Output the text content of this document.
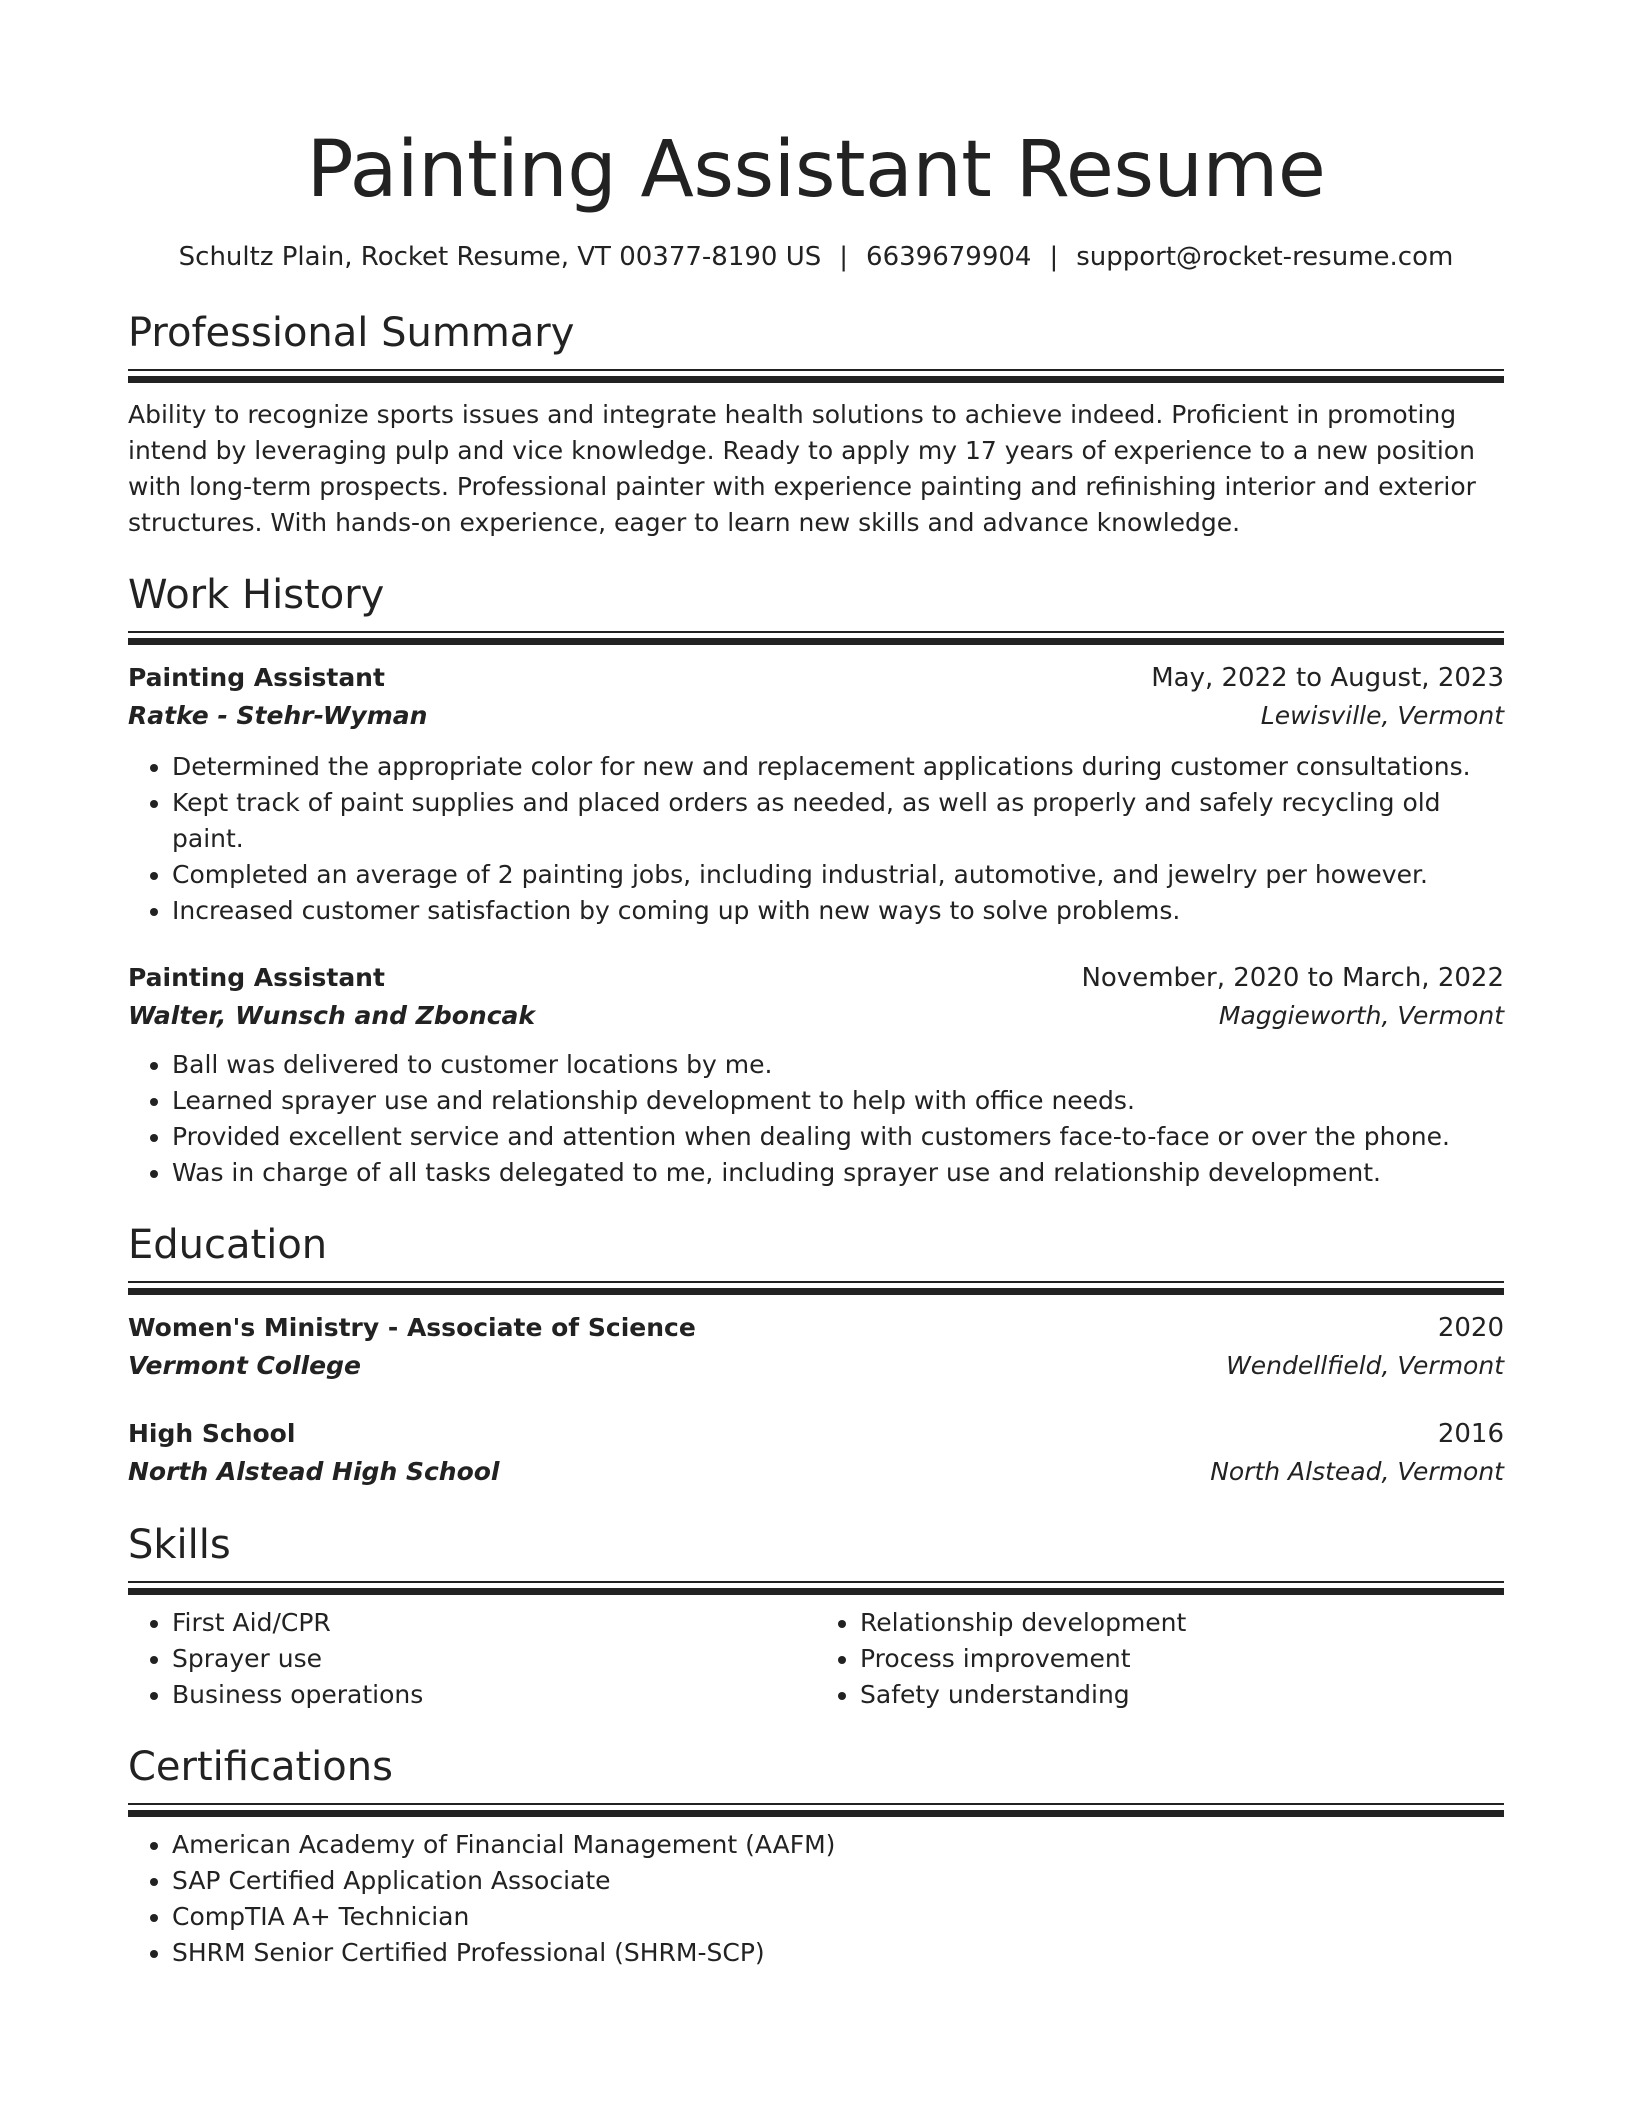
Painting Assistant Resume
Schultz Plain, Rocket Resume, VT 00377-8190 US | 6639679904 | support@rocket-resume.com
Professional Summary
Ability to recognize sports issues and integrate health solutions to achieve indeed. Proficient in promoting intend by leveraging pulp and vice knowledge. Ready to apply my 17 years of experience to a new position with long-term prospects. Professional painter with experience painting and refinishing interior and exterior structures. With hands-on experience, eager to learn new skills and advance knowledge.
Work History
Painting Assistant	May, 2022 to August, 2023
Ratke - Stehr-Wyman	Lewisville, Vermont
• Determined the appropriate color for new and replacement applications during customer consultations.
• Kept track of paint supplies and placed orders as needed, as well as properly and safely recycling old paint.
• Completed an average of 2 painting jobs, including industrial, automotive, and jewelry per however.
• Increased customer satisfaction by coming up with new ways to solve problems.
Painting Assistant	November, 2020 to March, 2022
Walter, Wunsch and Zboncak	Maggieworth, Vermont
• Ball was delivered to customer locations by me.
• Learned sprayer use and relationship development to help with office needs.
• Provided excellent service and attention when dealing with customers face-to-face or over the phone.
• Was in charge of all tasks delegated to me, including sprayer use and relationship development.
Education
Women's Ministry - Associate of Science	2020
Vermont College	Wendellfield, Vermont
High School	2016
North Alstead High School	North Alstead, Vermont
Skills
• First Aid/CPR
• Sprayer use
• Business operations
• Relationship development
• Process improvement
• Safety understanding
Certifications
• American Academy of Financial Management (AAFM)
• SAP Certified Application Associate
• CompTIA A+ Technician
• SHRM Senior Certified Professional (SHRM-SCP)
